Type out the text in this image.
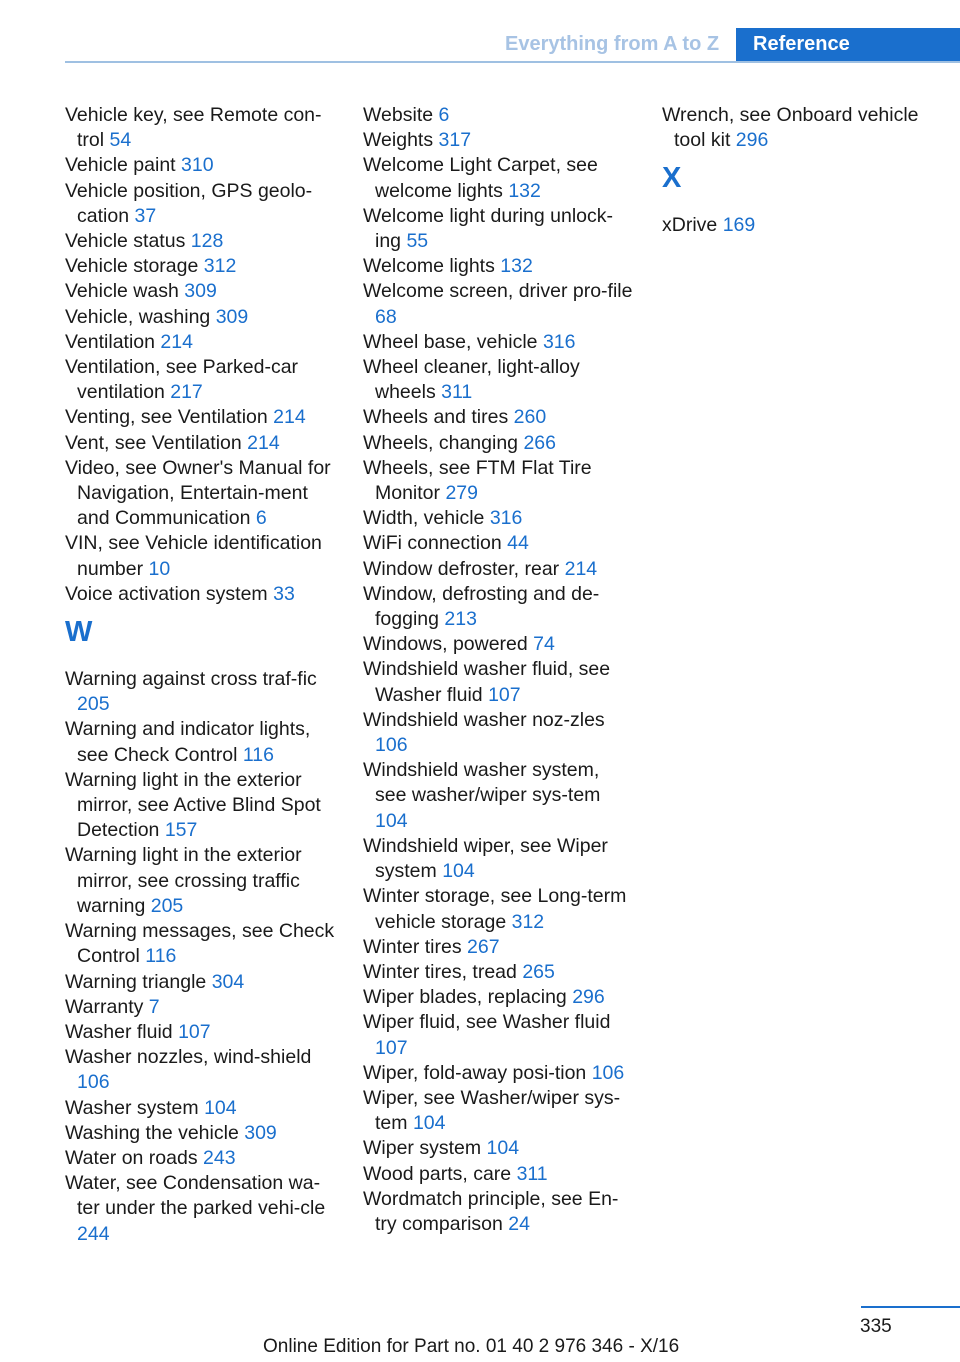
Everything from A to Z	Reference
Vehicle key, see Remote con-trol 54
Vehicle paint 310
Vehicle position, GPS geolo-cation 37
Vehicle status 128
Vehicle storage 312
Vehicle wash 309
Vehicle, washing 309
Ventilation 214
Ventilation, see Parked-car ventilation 217
Venting, see Ventilation 214
Vent, see Ventilation 214
Video, see Owner's Manual for Navigation, Entertain-ment and Communication 6
VIN, see Vehicle identification number 10
Voice activation system 33
W
Warning against cross traf-fic 205
Warning and indicator lights, see Check Control 116
Warning light in the exterior mirror, see Active Blind Spot Detection 157
Warning light in the exterior mirror, see crossing traffic warning 205
Warning messages, see Check Control 116
Warning triangle 304
Warranty 7
Washer fluid 107
Washer nozzles, wind-shield 106
Washer system 104
Washing the vehicle 309
Water on roads 243
Water, see Condensation wa-ter under the parked vehi-cle 244
Website 6
Weights 317
Welcome Light Carpet, see welcome lights 132
Welcome light during unlock-ing 55
Welcome lights 132
Welcome screen, driver pro-file 68
Wheel base, vehicle 316
Wheel cleaner, light-alloy wheels 311
Wheels and tires 260
Wheels, changing 266
Wheels, see FTM Flat Tire Monitor 279
Width, vehicle 316
WiFi connection 44
Window defroster, rear 214
Window, defrosting and de-fogging 213
Windows, powered 74
Windshield washer fluid, see Washer fluid 107
Windshield washer noz-zles 106
Windshield washer system, see washer/wiper sys-tem 104
Windshield wiper, see Wiper system 104
Winter storage, see Long-term vehicle storage 312
Winter tires 267
Winter tires, tread 265
Wiper blades, replacing 296
Wiper fluid, see Washer fluid 107
Wiper, fold-away posi-tion 106
Wiper, see Washer/wiper sys-tem 104
Wiper system 104
Wood parts, care 311
Wordmatch principle, see En-try comparison 24
Wrench, see Onboard vehicle tool kit 296
X
xDrive 169
335
Online Edition for Part no. 01 40 2 976 346 - X/16
